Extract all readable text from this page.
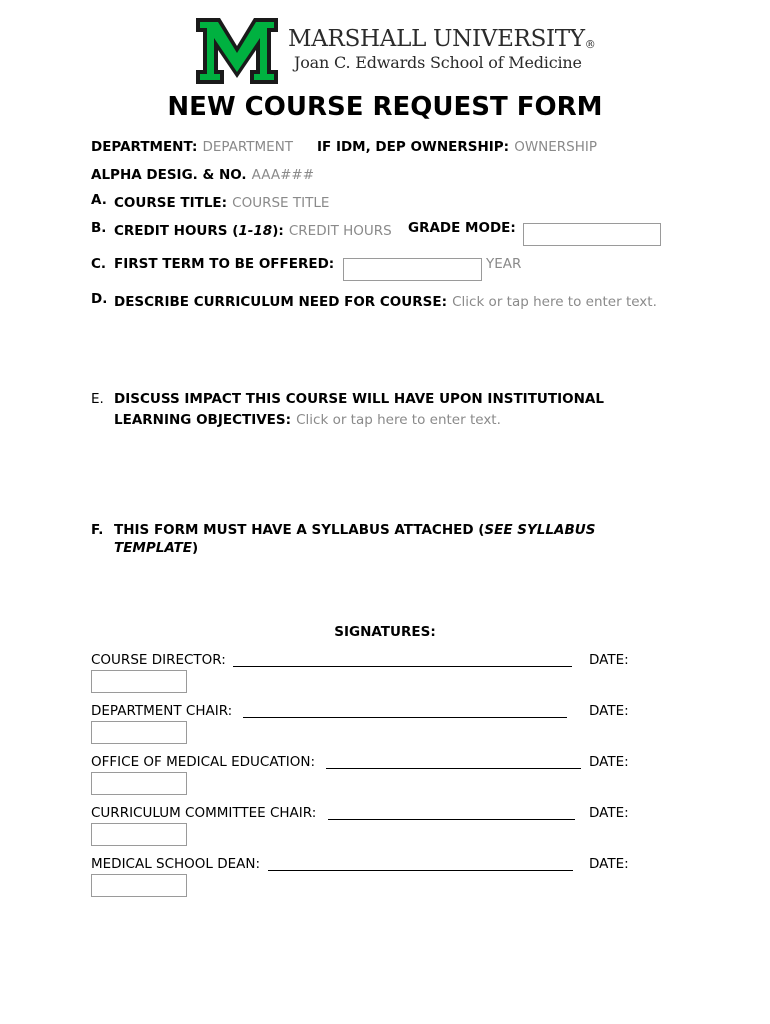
MARSHALL UNIVERSITY®
Joan C. Edwards School of Medicine
NEW COURSE REQUEST FORM
DEPARTMENT: DEPARTMENT IF IDM, DEP OWNERSHIP: OWNERSHIP
ALPHA DESIG. & NO. AAA###
A. COURSE TITLE: COURSE TITLE
B. CREDIT HOURS (1-18): CREDIT HOURS GRADE MODE:
C. FIRST TERM TO BE OFFERED:	YEAR
D. DESCRIBE CURRICULUM NEED FOR COURSE: Click or tap here to enter text.
E. DISCUSS IMPACT THIS COURSE WILL HAVE UPON INSTITUTIONAL
LEARNING OBJECTIVES: Click or tap here to enter text.
F. THIS FORM MUST HAVE A SYLLABUS ATTACHED (SEE SYLLABUS
TEMPLATE)
SIGNATURES:
COURSE DIRECTOR:	DATE:
DEPARTMENT CHAIR:	DATE:
OFFICE OF MEDICAL EDUCATION:	DATE:
CURRICULUM COMMITTEE CHAIR:	DATE:
MEDICAL SCHOOL DEAN:	DATE:
